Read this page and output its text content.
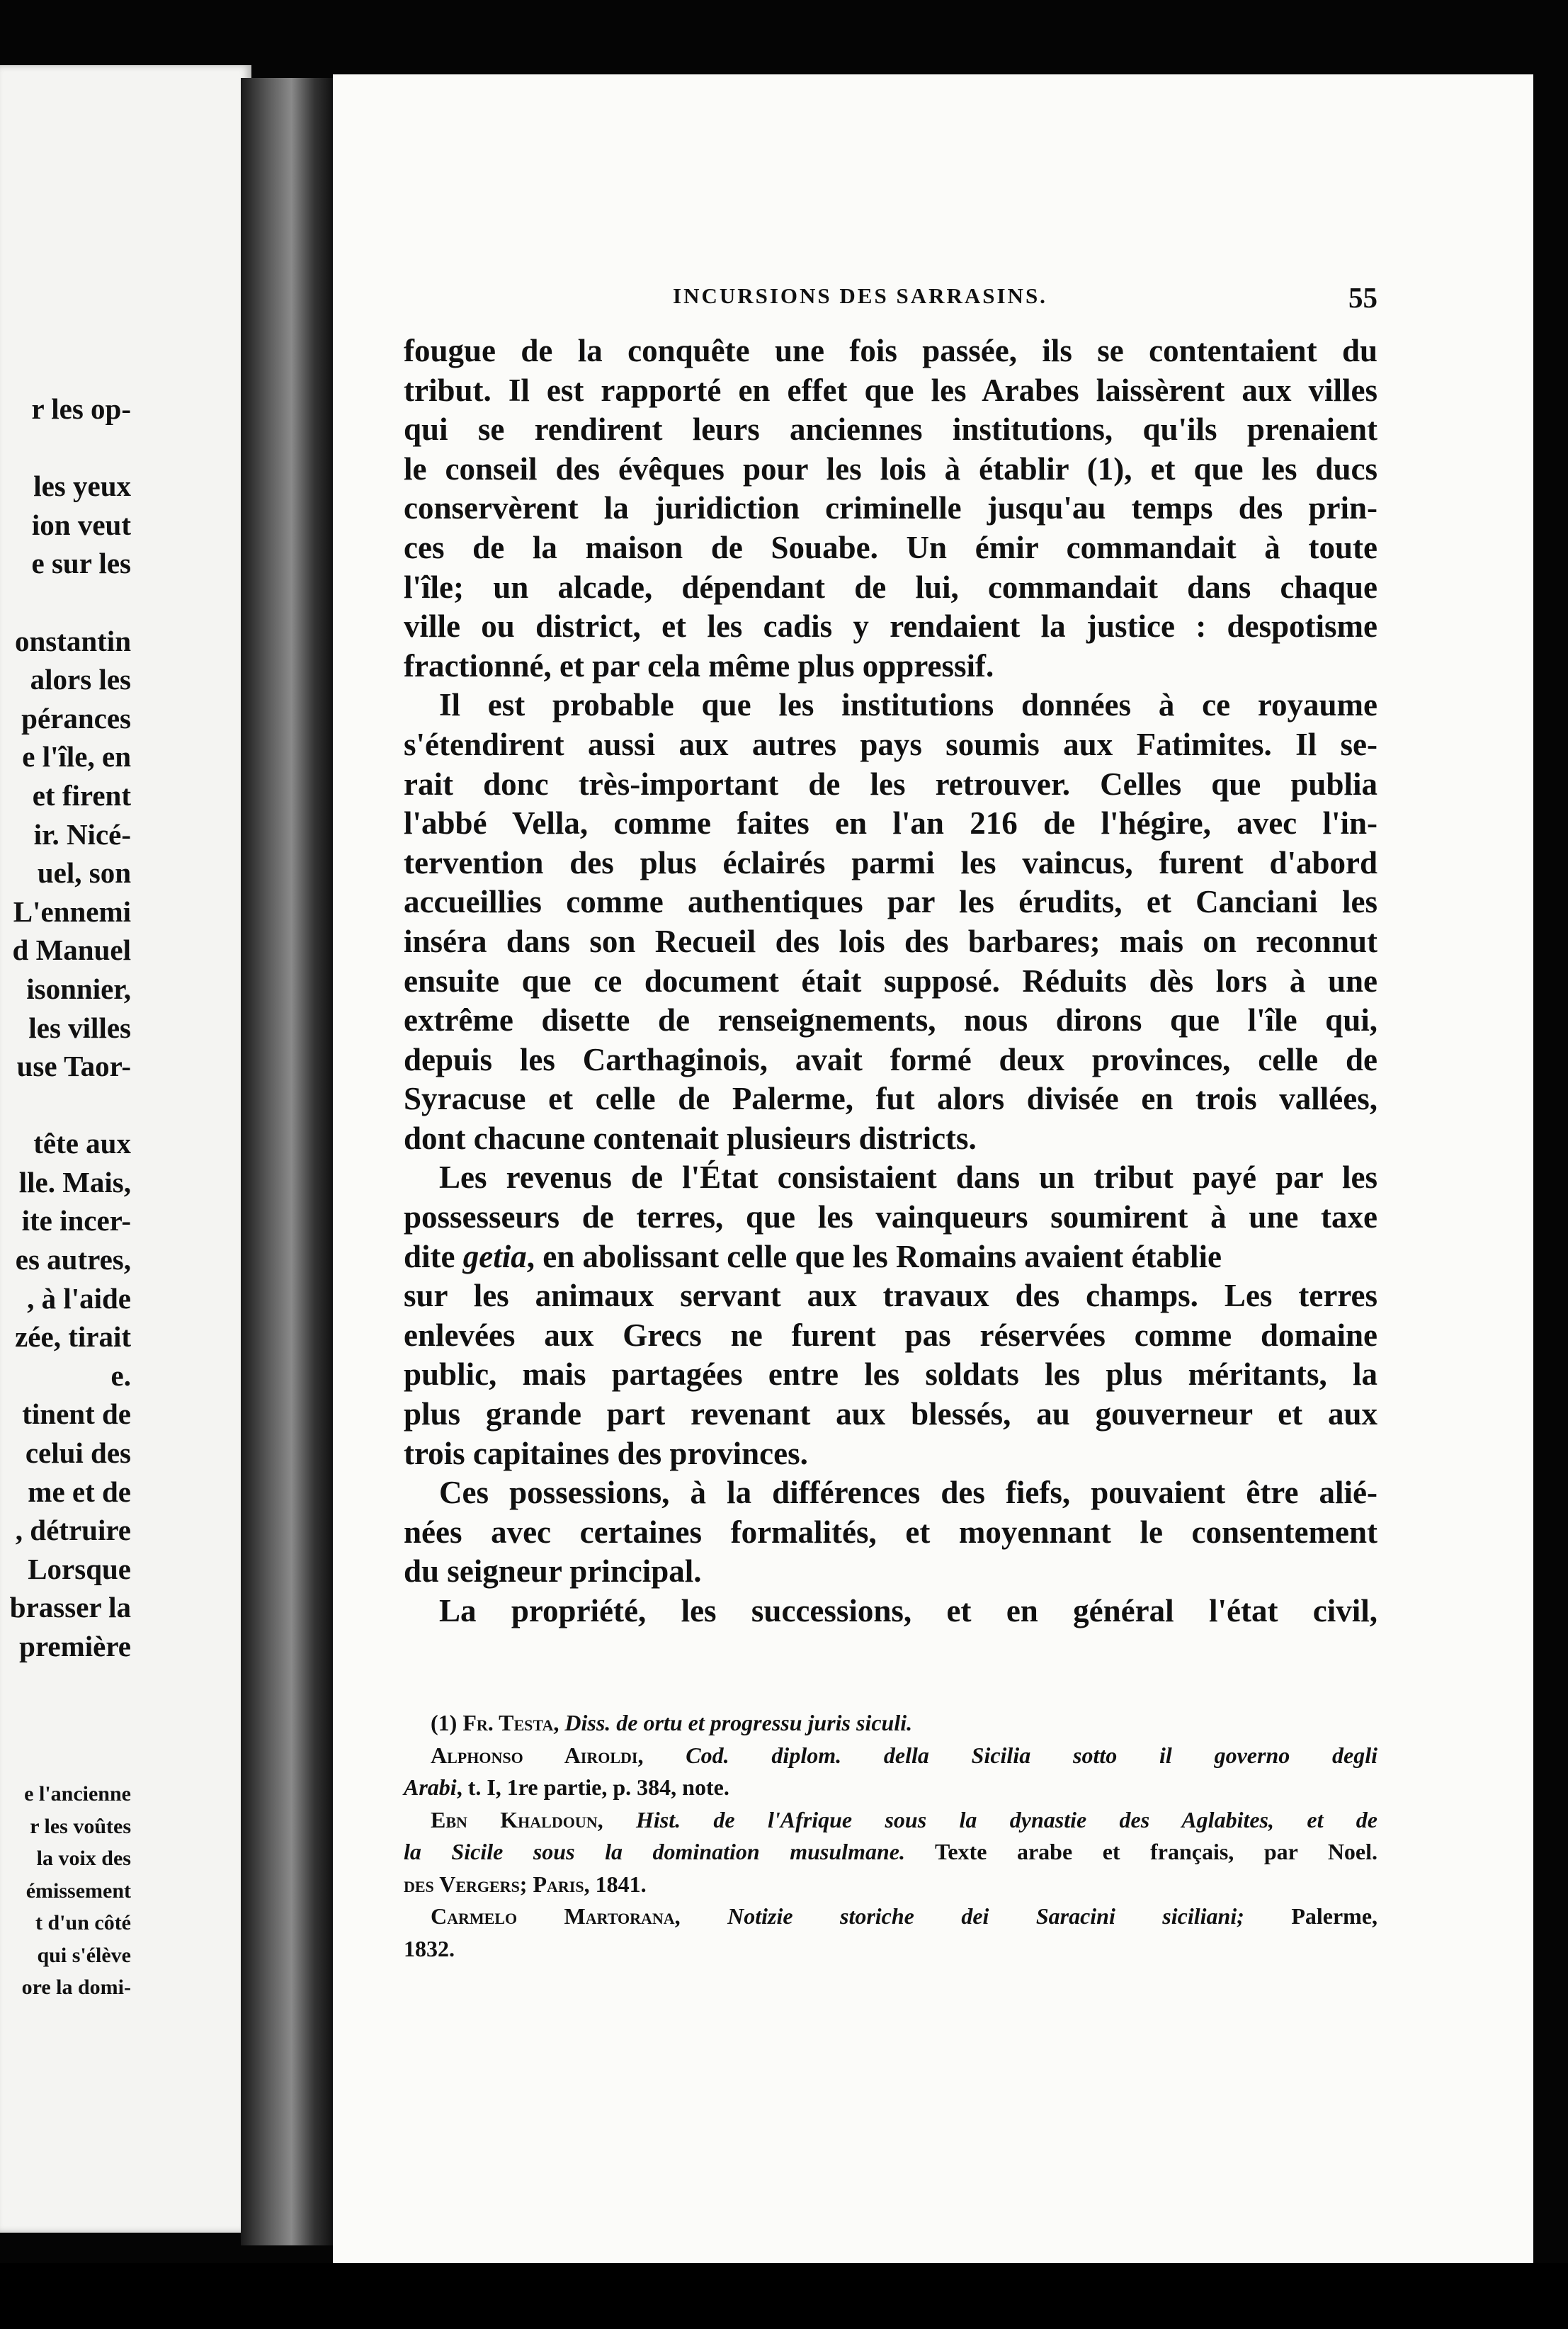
r les op-

les yeux
ion veut
e sur les

onstantin
alors les
pérances
e l'île, en
et firent
ir. Nicé-
uel, son
L'ennemi
d Manuel
isonnier,
les villes
use Taor-

tête aux
lle. Mais,
ite incer-
es autres,
, à l'aide
zée, tirait
e.
tinent de
celui des
me et de
, détruire
Lorsque
brasser la
première
e l'ancienne
r les voûtes
la voix des
émissement
t d'un côté
qui s'élève
ore la domi-
INCURSIONS DES SARRASINS.	55
fougue de la conquête une fois passée, ils se contentaient du
tribut. Il est rapporté en effet que les Arabes laissèrent aux villes
qui se rendirent leurs anciennes institutions, qu'ils prenaient
le conseil des évêques pour les lois à établir (1), et que les ducs
conservèrent la juridiction criminelle jusqu'au temps des prin-
ces de la maison de Souabe. Un émir commandait à toute
l'île; un alcade, dépendant de lui, commandait dans chaque
ville ou district, et les cadis y rendaient la justice : despotisme
fractionné, et par cela même plus oppressif.
Il est probable que les institutions données à ce royaume
s'étendirent aussi aux autres pays soumis aux Fatimites. Il se-
rait donc très-important de les retrouver. Celles que publia
l'abbé Vella, comme faites en l'an 216 de l'hégire, avec l'in-
tervention des plus éclairés parmi les vaincus, furent d'abord
accueillies comme authentiques par les érudits, et Canciani les
inséra dans son Recueil des lois des barbares; mais on reconnut
ensuite que ce document était supposé. Réduits dès lors à une
extrême disette de renseignements, nous dirons que l'île qui,
depuis les Carthaginois, avait formé deux provinces, celle de
Syracuse et celle de Palerme, fut alors divisée en trois vallées,
dont chacune contenait plusieurs districts.
Les revenus de l'État consistaient dans un tribut payé par les
possesseurs de terres, que les vainqueurs soumirent à une taxe
dite getia, en abolissant celle que les Romains avaient établie
sur les animaux servant aux travaux des champs. Les terres
enlevées aux Grecs ne furent pas réservées comme domaine
public, mais partagées entre les soldats les plus méritants, la
plus grande part revenant aux blessés, au gouverneur et aux
trois capitaines des provinces.
Ces possessions, à la différences des fiefs, pouvaient être alié-
nées avec certaines formalités, et moyennant le consentement
du seigneur principal.
La propriété, les successions, et en général l'état civil,
(1) Fr. Testa, Diss. de ortu et progressu juris siculi.
Alphonso Airoldi, Cod. diplom. della Sicilia sotto il governo degli
Arabi, t. I, 1re partie, p. 384, note.
Ebn Khaldoun, Hist. de l'Afrique sous la dynastie des Aglabites, et de
la Sicile sous la domination musulmane. Texte arabe et français, par Noel.
des Vergers; Paris, 1841.
Carmelo Martorana, Notizie storiche dei Saracini siciliani; Palerme,
1832.
